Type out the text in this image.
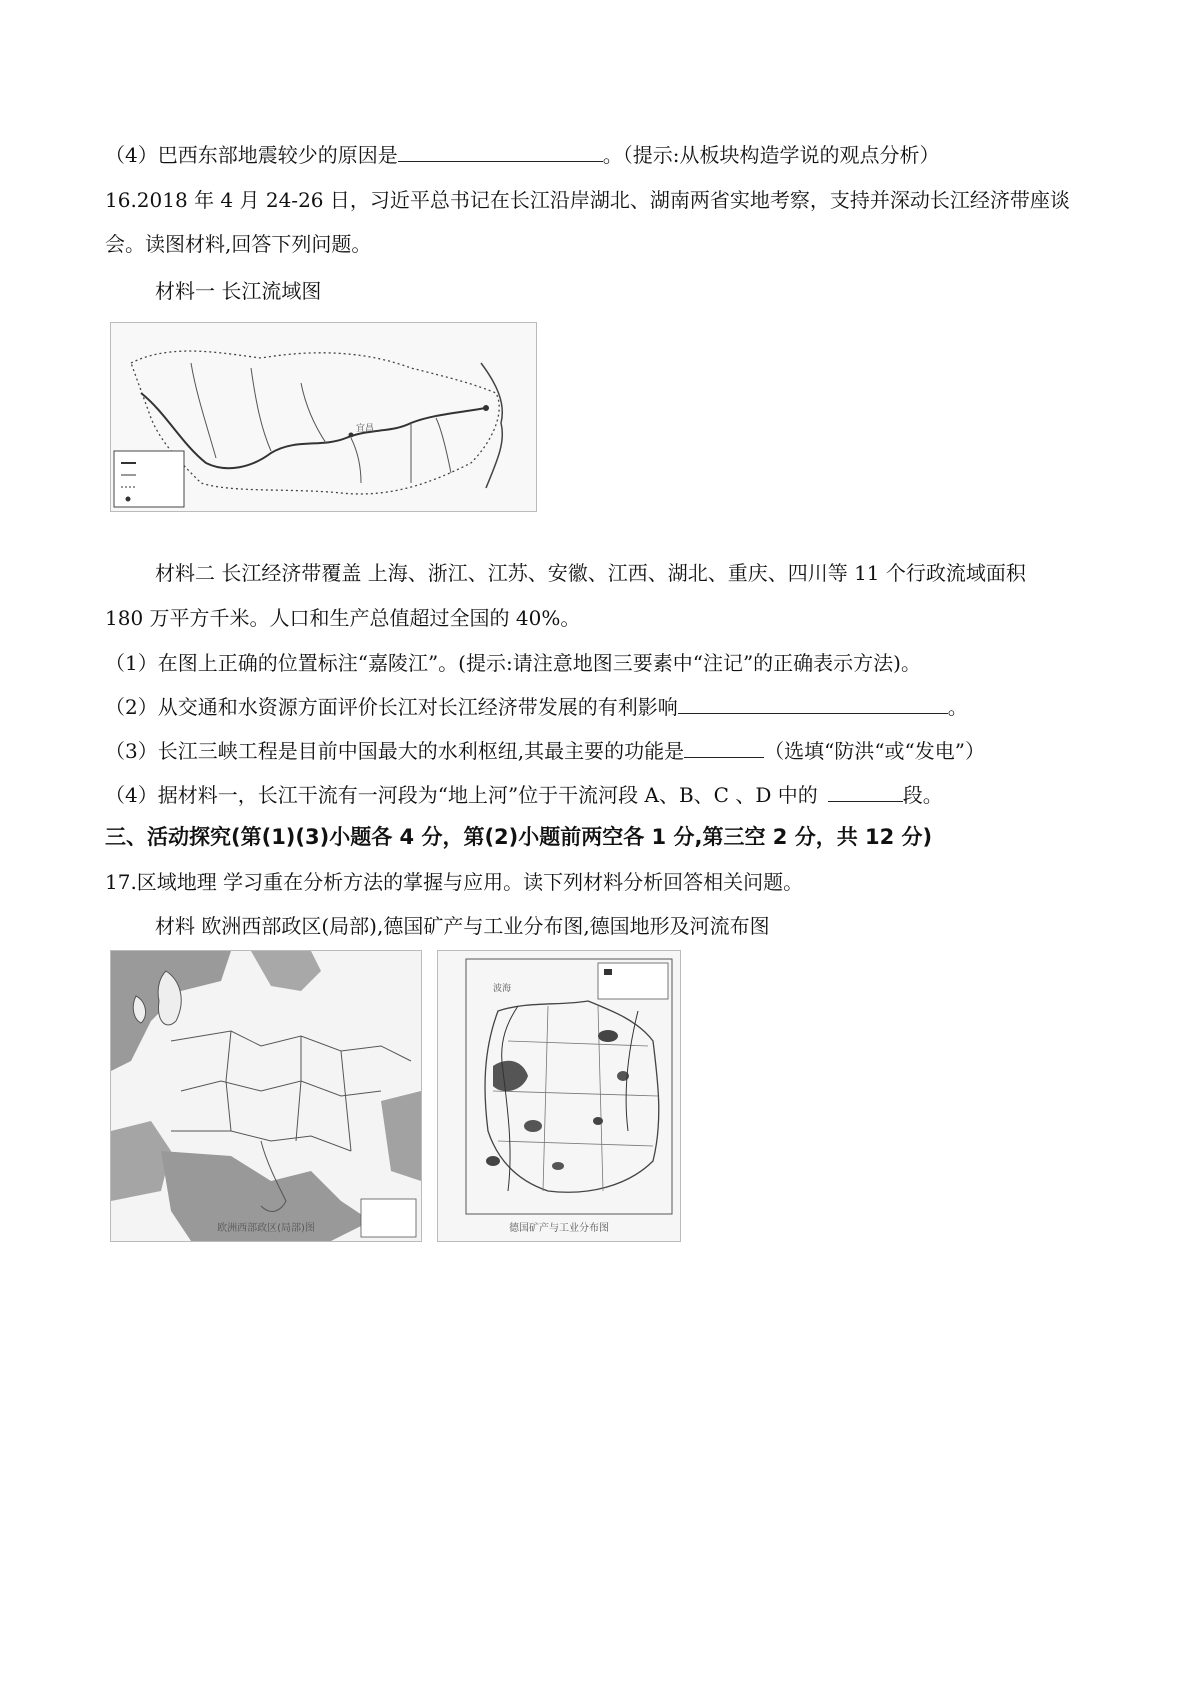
（4）巴西东部地震较少的原因是	。（提示:从板块构造学说的观点分析）
16.2018 年 4 月 24-26 日，习近平总书记在长江沿岸湖北、湖南两省实地考察，支持并深动长江经济带座谈
会。读图材料,回答下列问题。
材料一 长江流域图
宜昌
材料二 长江经济带覆盖 上海、浙江、江苏、安徽、江西、湖北、重庆、四川等 11 个行政流域面积
180 万平方千米。人口和生产总值超过全国的 40%。
（1）在图上正确的位置标注“嘉陵江”。(提示:请注意地图三要素中“注记”的正确表示方法)。
（2）从交通和水资源方面评价长江对长江经济带发展的有利影响	。
（3）长江三峡工程是目前中国最大的水利枢纽,其最主要的功能是	（选填“防洪“或“发电”）
（4）据材料一，长江干流有一河段为“地上河”位于干流河段 A、B、C 、D 中的	段。
三、活动探究(第(1)(3)小题各 4 分，第(2)小题前两空各 1 分,第三空 2 分，共 12 分)
17.区域地理 学习重在分析方法的掌握与应用。读下列材料分析回答相关问题。
材料 欧洲西部政区(局部),德国矿产与工业分布图,德国地形及河流布图
欧洲西部政区(局部)图
波海
德国矿产与工业分布图
